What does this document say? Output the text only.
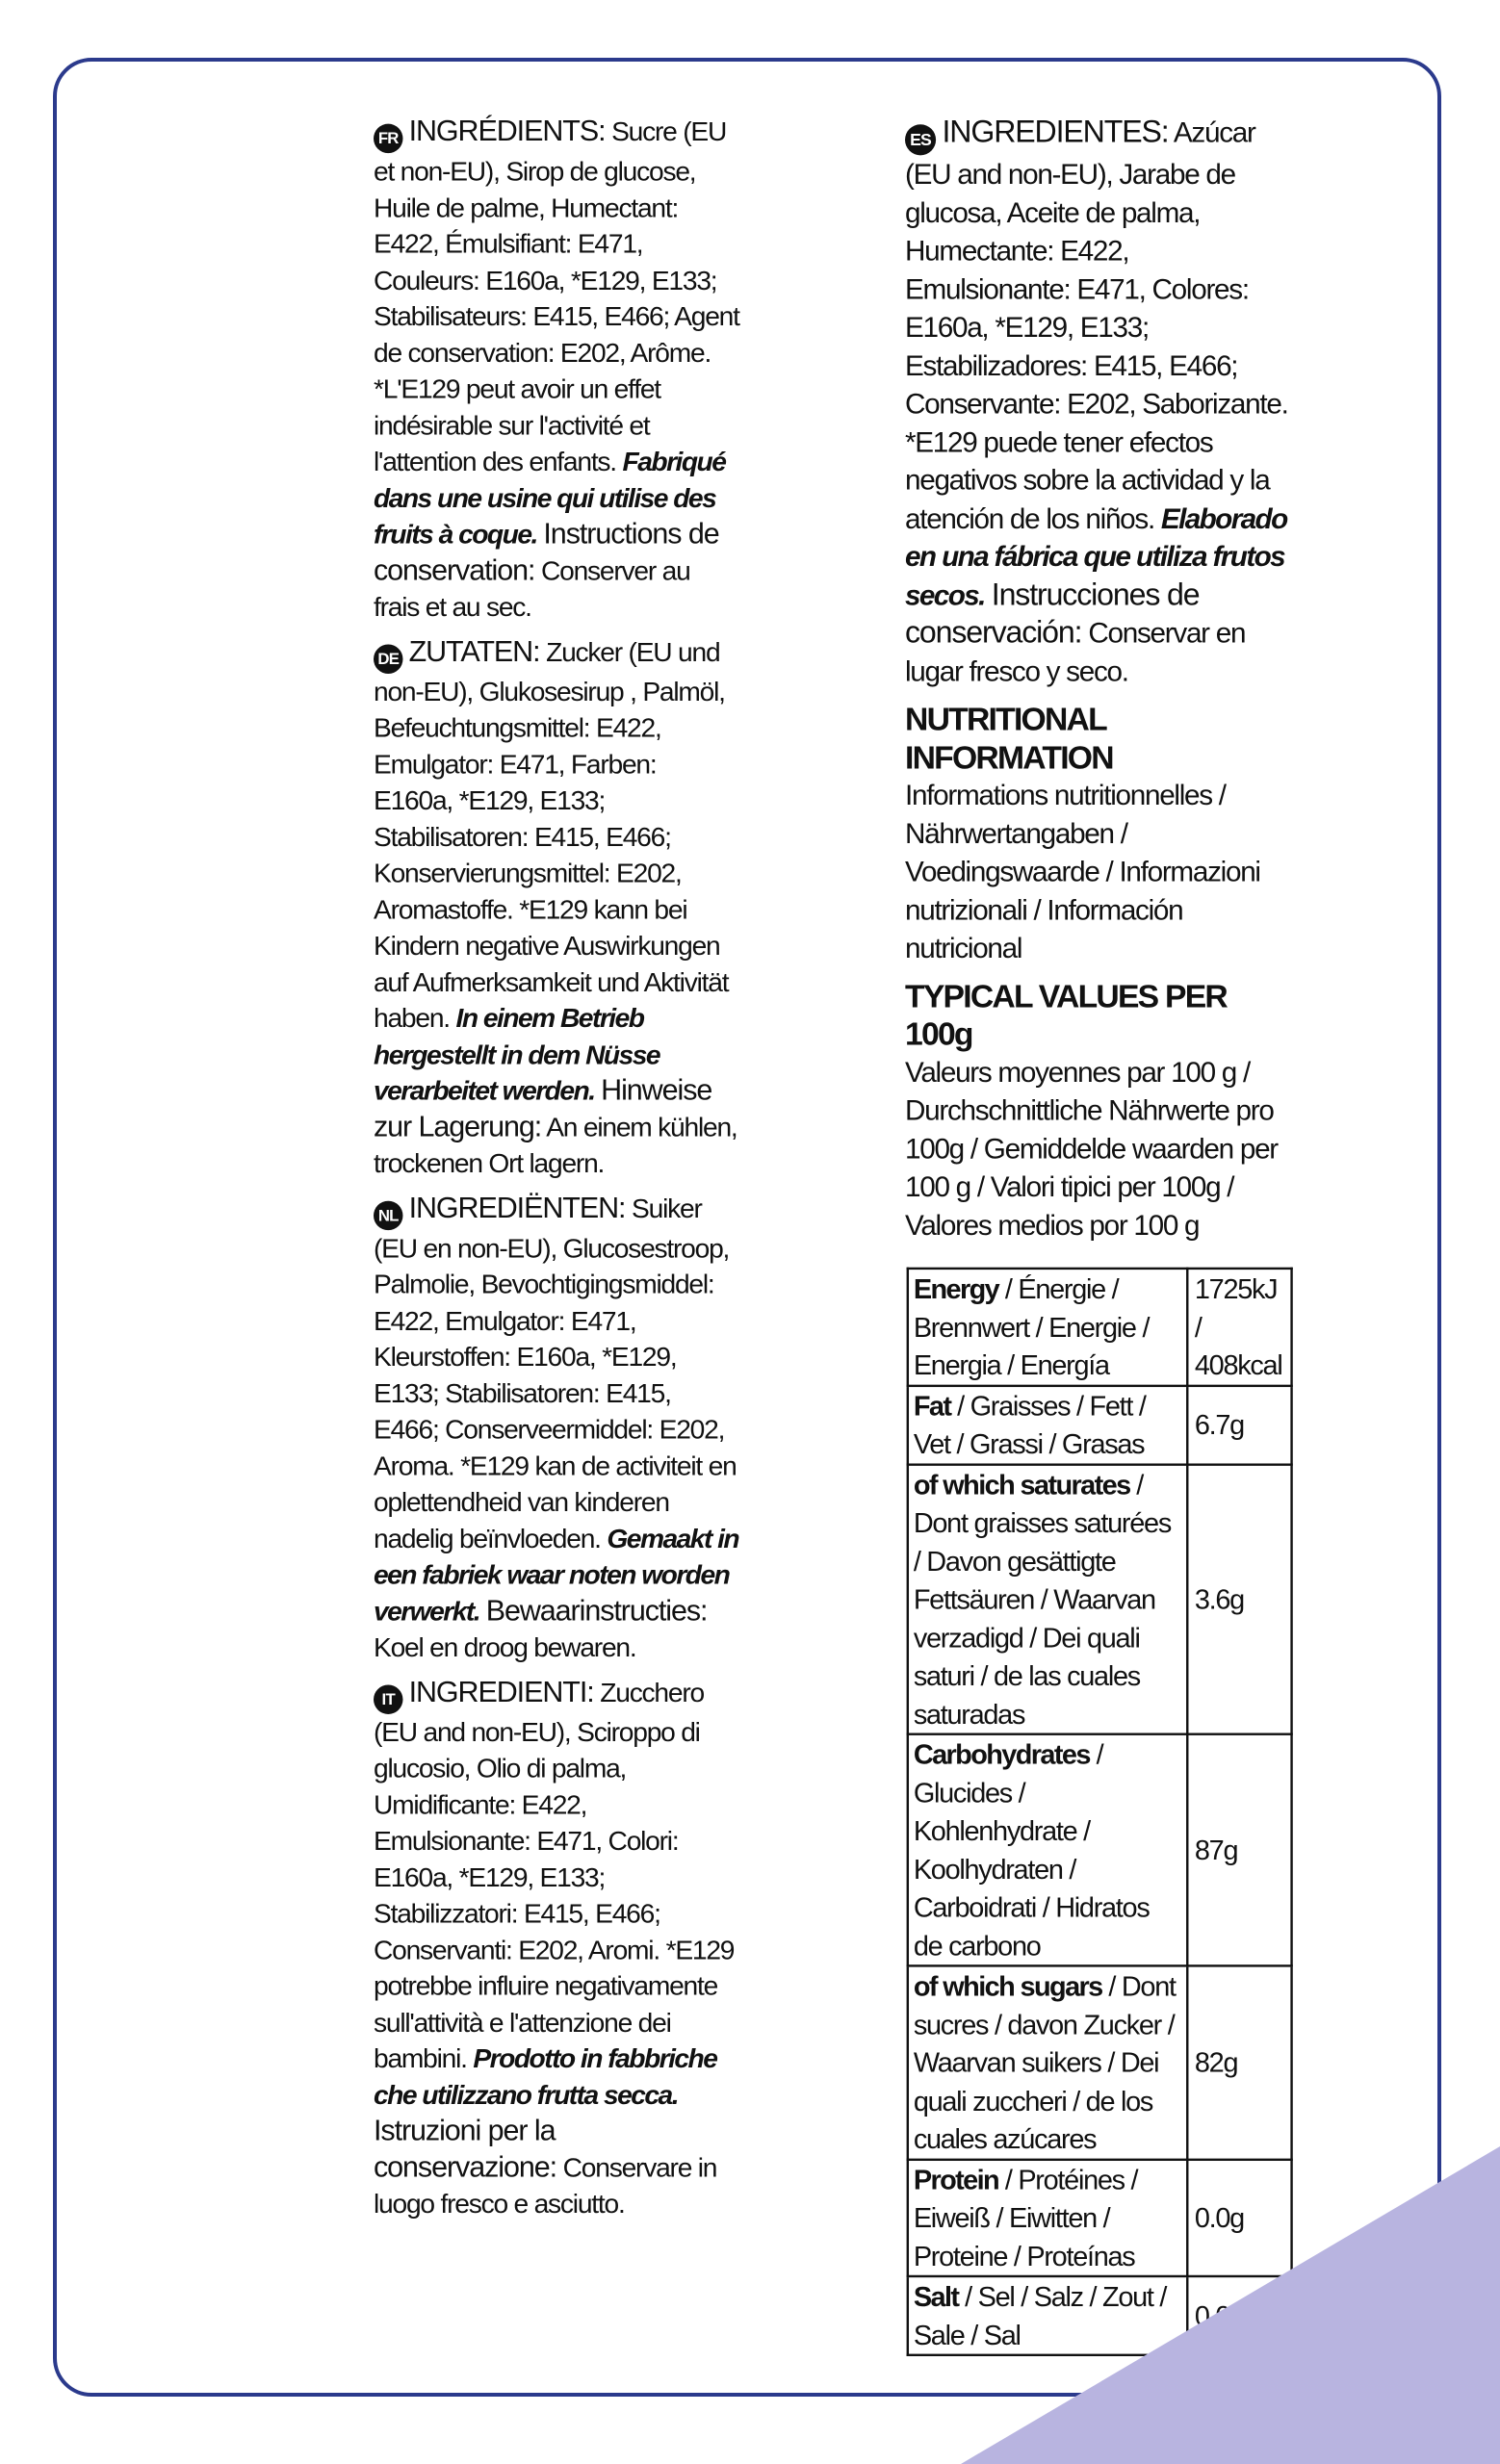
FR INGRÉDIENTS: Sucre (EU et non-EU), Sirop de glucose, Huile de palme, Humectant: E422, Émulsifiant: E471, Couleurs: E160a, *E129, E133; Stabilisateurs: E415, E466; Agent de conservation: E202, Arôme. *L'E129 peut avoir un effet indésirable sur l'activité et l'attention des enfants. Fabriqué dans une usine qui utilise des fruits à coque. Instructions de conservation: Conserver au frais et au sec.
DE ZUTATEN: Zucker (EU und non-EU), Glukosesirup , Palmöl, Befeuchtungsmittel: E422, Emulgator: E471, Farben: E160a, *E129, E133; Stabilisatoren: E415, E466; Konservierungsmittel: E202, Aromastoffe. *E129 kann bei Kindern negative Auswirkungen auf Aufmerksamkeit und Aktivität haben. In einem Betrieb hergestellt in dem Nüsse verarbeitet werden. Hinweise zur Lagerung: An einem kühlen, trockenen Ort lagern.
NL INGREDIËNTEN: Suiker (EU en non-EU), Glucosestroop, Palmolie, Bevochtigingsmiddel: E422, Emulgator: E471, Kleurstoffen: E160a, *E129, E133; Stabilisatoren: E415, E466; Conserveermiddel: E202, Aroma. *E129 kan de activiteit en oplettendheid van kinderen nadelig beïnvloeden. Gemaakt in een fabriek waar noten worden verwerkt. Bewaarinstructies: Koel en droog bewaren.
IT INGREDIENTI: Zucchero (EU and non-EU), Sciroppo di glucosio, Olio di palma, Umidificante: E422, Emulsionante: E471, Colori: E160a, *E129, E133; Stabilizzatori: E415, E466; Conservanti: E202, Aromi. *E129 potrebbe influire negativamente sull'attività e l'attenzione dei bambini. Prodotto in fabbriche che utilizzano frutta secca. Istruzioni per la conservazione: Conservare in luogo fresco e asciutto.
ES INGREDIENTES: Azúcar (EU and non-EU), Jarabe de glucosa, Aceite de palma, Humectante: E422, Emulsionante: E471, Colores: E160a, *E129, E133; Estabilizadores: E415, E466; Conservante: E202, Saborizante. *E129 puede tener efectos negativos sobre la actividad y la atención de los niños. Elaborado en una fábrica que utiliza frutos secos. Instrucciones de conservación: Conservar en lugar fresco y seco.
NUTRITIONAL INFORMATION
Informations nutritionnelles / Nährwertangaben / Voedingswaarde / Informazioni nutrizionali / Información nutricional
TYPICAL VALUES PER 100g
Valeurs moyennes par 100 g / Durchschnittliche Nährwerte pro 100g / Gemiddelde waarden per 100 g / Valori tipici per 100g / Valores medios por 100 g
Energy / Énergie / Brennwert / Energie / Energia / Energía	1725kJ / 408kcal
Fat / Graisses / Fett / Vet / Grassi / Grasas	6.7g
of which saturates / Dont graisses saturées / Davon gesättigte Fettsäuren / Waarvan verzadigd / Dei quali saturi / de las cuales saturadas	3.6g
Carbohydrates / Glucides / Kohlenhydrate / Koolhydraten / Carboidrati / Hidratos de carbono	87g
of which sugars / Dont sucres / davon Zucker / Waarvan suikers / Dei quali zuccheri / de los cuales azúcares	82g
Protein / Protéines / Eiweiß / Eiwitten / Proteine / Proteínas	0.0g
Salt / Sel / Salz / Zout / Sale / Sal	0.0g
